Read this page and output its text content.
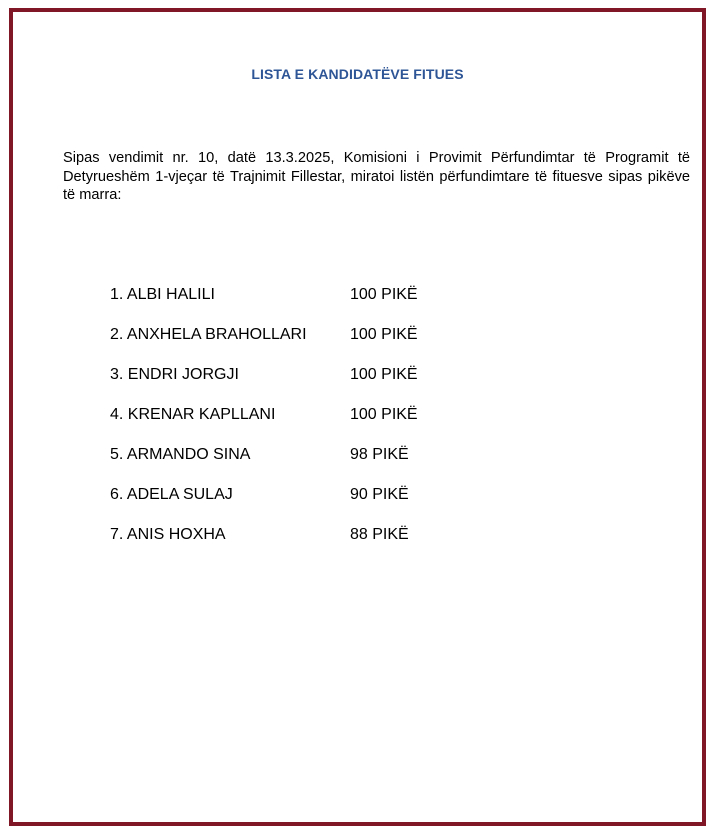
LISTA E KANDIDATËVE FITUES

Sipas vendimit nr. 10, datë 13.3.2025, Komisioni i Provimit Përfundimtar të Programit të Detyrueshëm 1-vjeçar të Trajnimit Fillestar, miratoi listën përfundimtare të fituesve sipas pikëve të marra:

1. ALBI HALILI	100 PIKË
2. ANXHELA BRAHOLLARI	100 PIKË
3. ENDRI JORGJI	100 PIKË
4. KRENAR KAPLLANI	100 PIKË
5. ARMANDO SINA	98 PIKË
6. ADELA SULAJ	90 PIKË
7. ANIS HOXHA	88 PIKË
